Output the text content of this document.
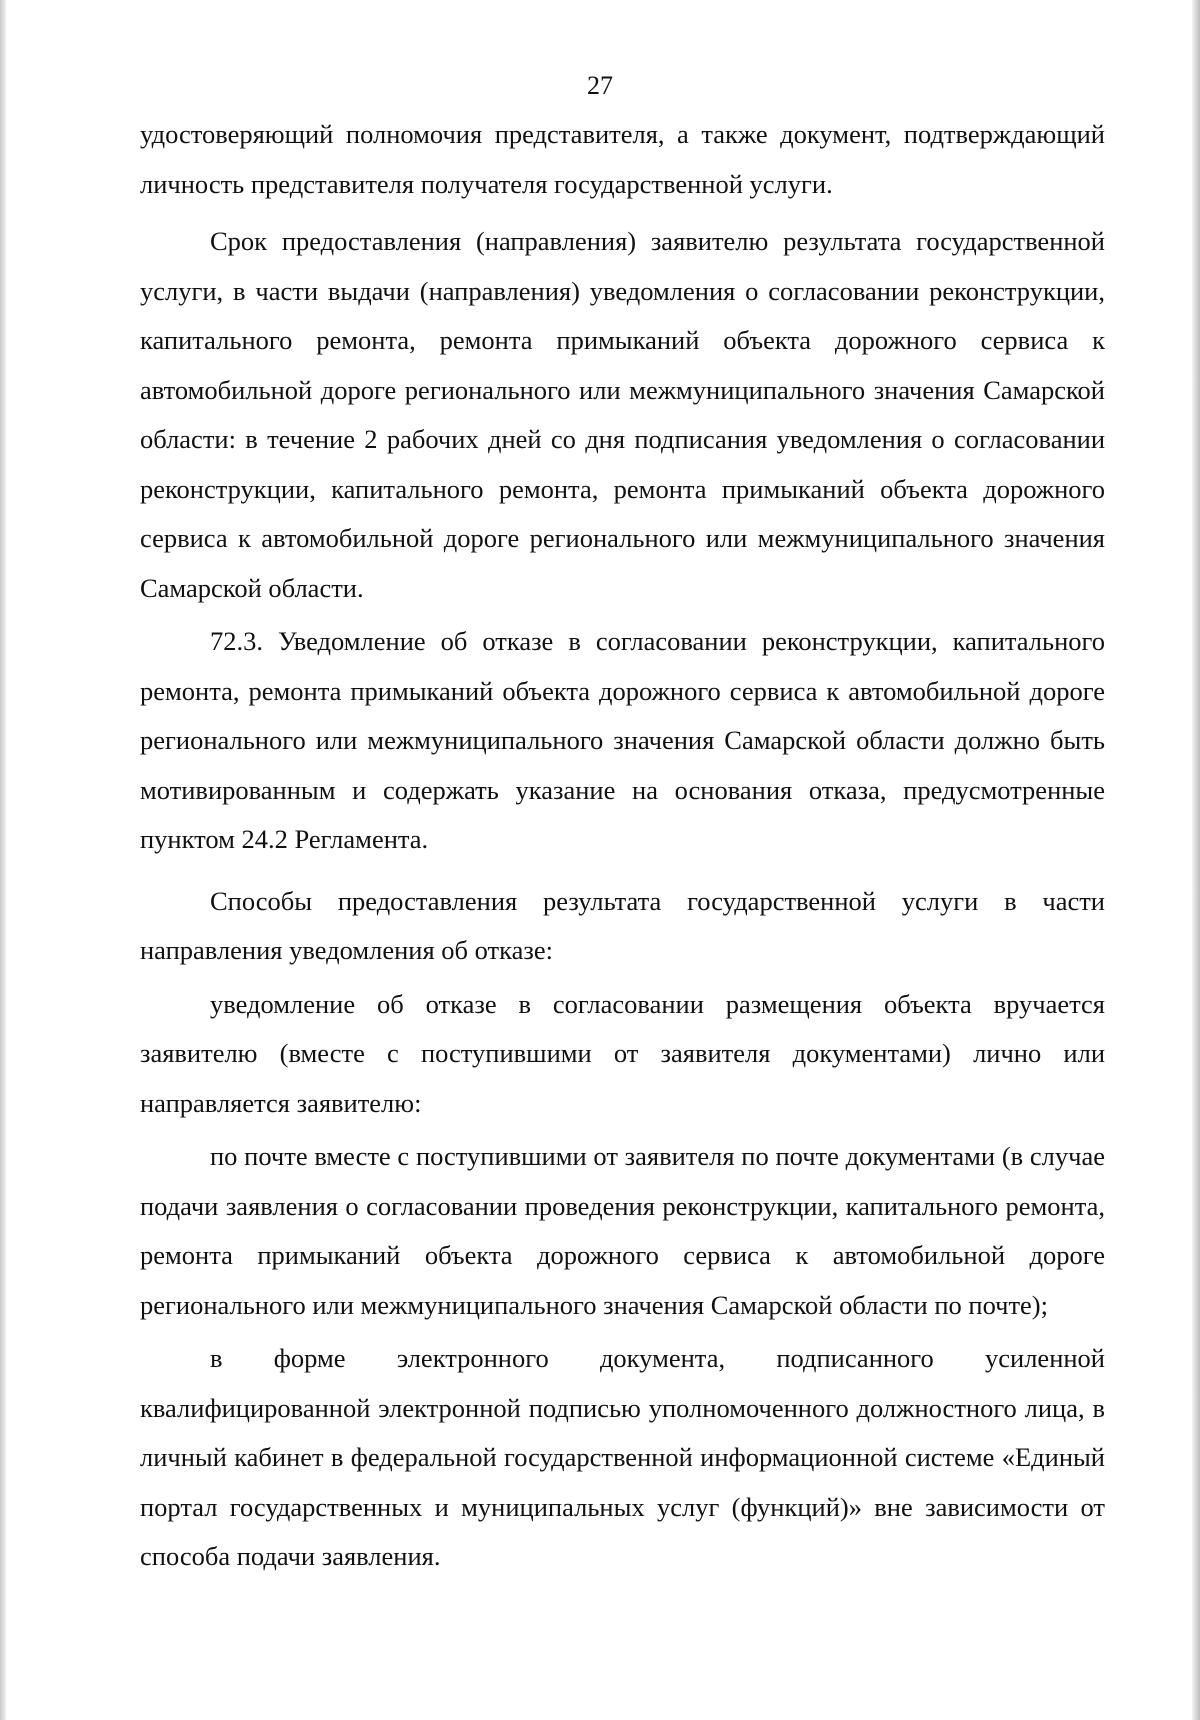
27

удостоверяющий полномочия представителя, а также документ, подтверждающий личность представителя получателя государственной услуги.

Срок предоставления (направления) заявителю результата государственной услуги, в части выдачи (направления) уведомления о согласовании реконструкции, капитального ремонта, ремонта примыканий объекта дорожного сервиса к автомобильной дороге регионального или межмуниципального значения Самарской области: в течение 2 рабочих дней со дня подписания уведомления о согласовании реконструкции, капитального ремонта, ремонта примыканий объекта дорожного сервиса к автомобильной дороге регионального или межмуниципального значения Самарской области.

72.3. Уведомление об отказе в согласовании реконструкции, капитального ремонта, ремонта примыканий объекта дорожного сервиса к автомобильной дороге регионального или межмуниципального значения Самарской области должно быть мотивированным и содержать указание на основания отказа, предусмотренные пунктом 24.2 Регламента.

Способы предоставления результата государственной услуги в части направления уведомления об отказе:

уведомление об отказе в согласовании размещения объекта вручается заявителю (вместе с поступившими от заявителя документами) лично или направляется заявителю:

по почте вместе с поступившими от заявителя по почте документами (в случае подачи заявления о согласовании проведения реконструкции, капитального ремонта, ремонта примыканий объекта дорожного сервиса к автомобильной дороге регионального или межмуниципального значения Самарской области по почте);

в форме электронного документа, подписанного усиленной квалифицированной электронной подписью уполномоченного должностного лица, в личный кабинет в федеральной государственной информационной системе «Единый портал государственных и муниципальных услуг (функций)» вне зависимости от способа подачи заявления.
